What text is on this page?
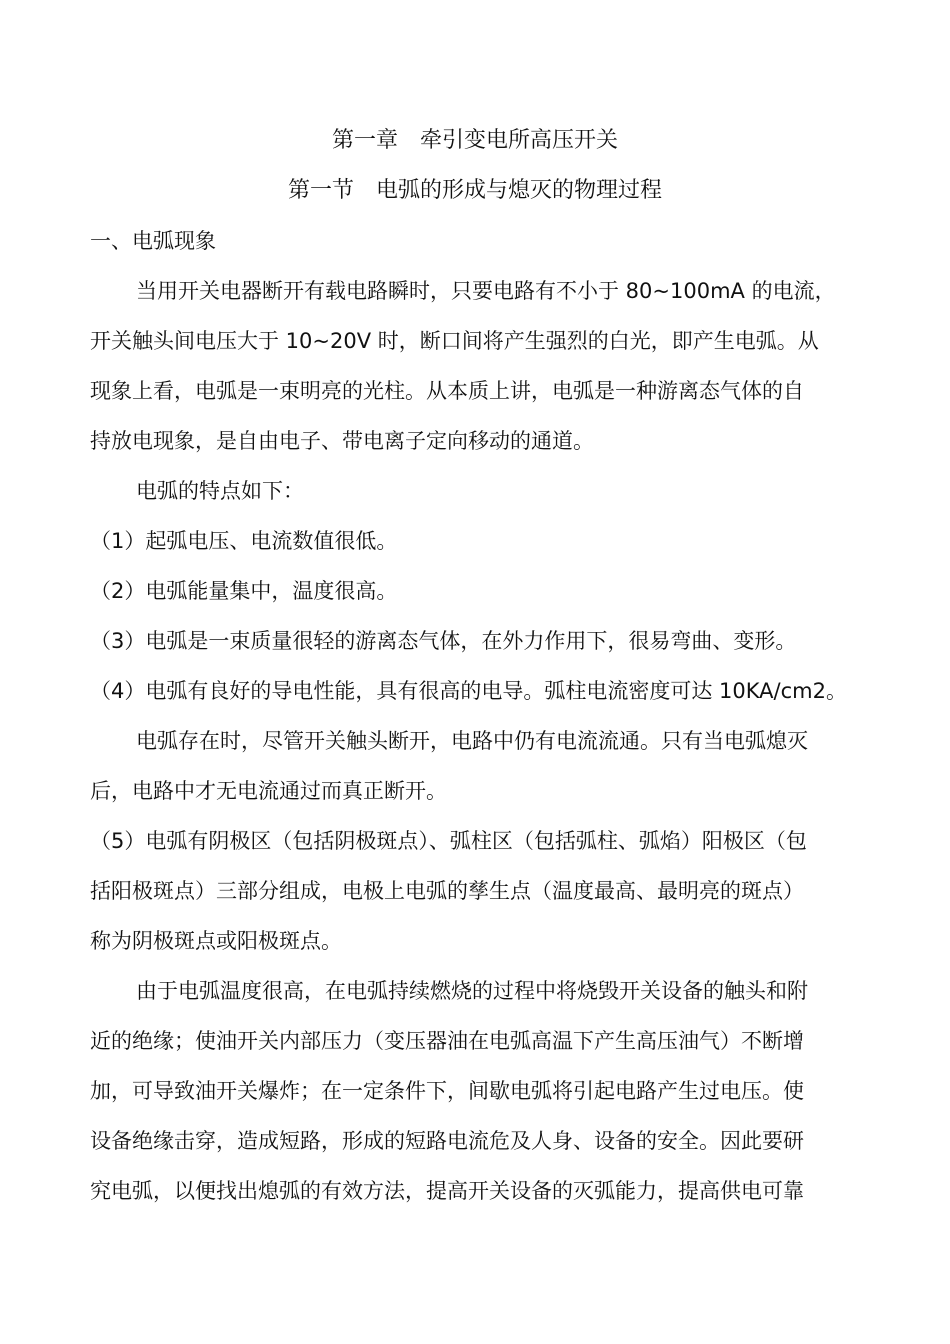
第一章　牵引变电所高压开关
第一节　电弧的形成与熄灭的物理过程
一、电弧现象
当用开关电器断开有载电路瞬时，只要电路有不小于 80~100mA 的电流，
开关触头间电压大于 10~20V 时，断口间将产生强烈的白光，即产生电弧。从
现象上看，电弧是一束明亮的光柱。从本质上讲，电弧是一种游离态气体的自
持放电现象，是自由电子、带电离子定向移动的通道。
电弧的特点如下：
（1）起弧电压、电流数值很低。
（2）电弧能量集中，温度很高。
（3）电弧是一束质量很轻的游离态气体，在外力作用下，很易弯曲、变形。
（4）电弧有良好的导电性能，具有很高的电导。弧柱电流密度可达 10KA/cm2。
电弧存在时，尽管开关触头断开，电路中仍有电流流通。只有当电弧熄灭
后，电路中才无电流通过而真正断开。
（5）电弧有阴极区（包括阴极斑点）、弧柱区（包括弧柱、弧焰）阳极区（包
括阳极斑点）三部分组成，电极上电弧的孳生点（温度最高、最明亮的斑点）
称为阴极斑点或阳极斑点。
由于电弧温度很高，在电弧持续燃烧的过程中将烧毁开关设备的触头和附
近的绝缘；使油开关内部压力（变压器油在电弧高温下产生高压油气）不断增
加，可导致油开关爆炸；在一定条件下，间歇电弧将引起电路产生过电压。使
设备绝缘击穿，造成短路，形成的短路电流危及人身、设备的安全。因此要研
究电弧，以便找出熄弧的有效方法，提高开关设备的灭弧能力，提高供电可靠
